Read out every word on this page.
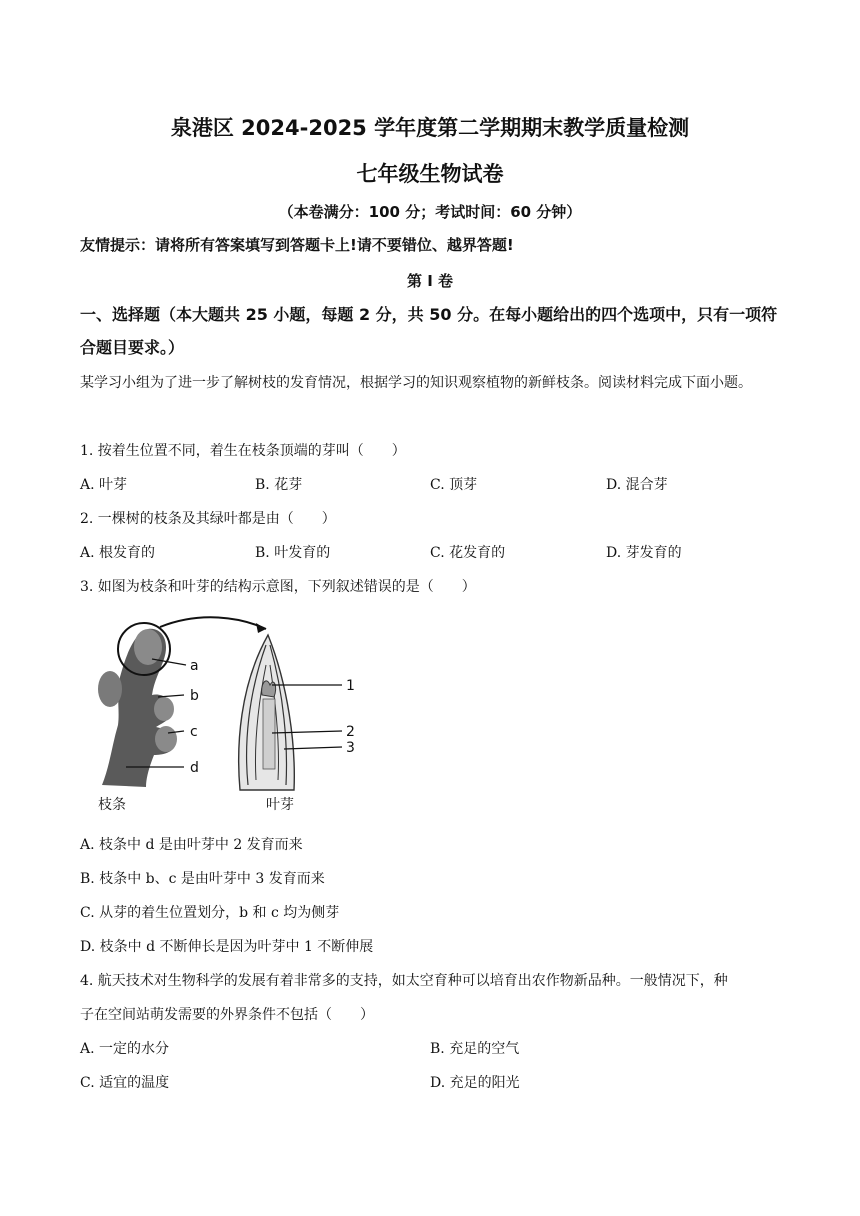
泉港区 2024-2025 学年度第二学期期末教学质量检测
七年级生物试卷
（本卷满分：100 分；考试时间：60 分钟）
友情提示：请将所有答案填写到答题卡上!请不要错位、越界答题!
第 I 卷
一、选择题（本大题共 25 小题，每题 2 分，共 50 分。在每小题给出的四个选项中，只有一项符合题目要求。）
某学习小组为了进一步了解树枝的发育情况，根据学习的知识观察植物的新鲜枝条。阅读材料完成下面小题。
1. 按着生位置不同，着生在枝条顶端的芽叫（　　）
A. 叶芽	B. 花芽	C. 顶芽	D. 混合芽
2. 一棵树的枝条及其绿叶都是由（　　）
A. 根发育的	B. 叶发育的	C. 花发育的	D. 芽发育的
3. 如图为枝条和叶芽的结构示意图，下列叙述错误的是（　　）
a
b
c
d
1
2
3
枝条	叶芽
A. 枝条中 d 是由叶芽中 2 发育而来
B. 枝条中 b、c 是由叶芽中 3 发育而来
C. 从芽的着生位置划分，b 和 c 均为侧芽
D. 枝条中 d 不断伸长是因为叶芽中 1 不断伸展
4. 航天技术对生物科学的发展有着非常多的支持，如太空育种可以培育出农作物新品种。一般情况下，种
子在空间站萌发需要的外界条件不包括（　　）
A. 一定的水分	B. 充足的空气
C. 适宜的温度	D. 充足的阳光
